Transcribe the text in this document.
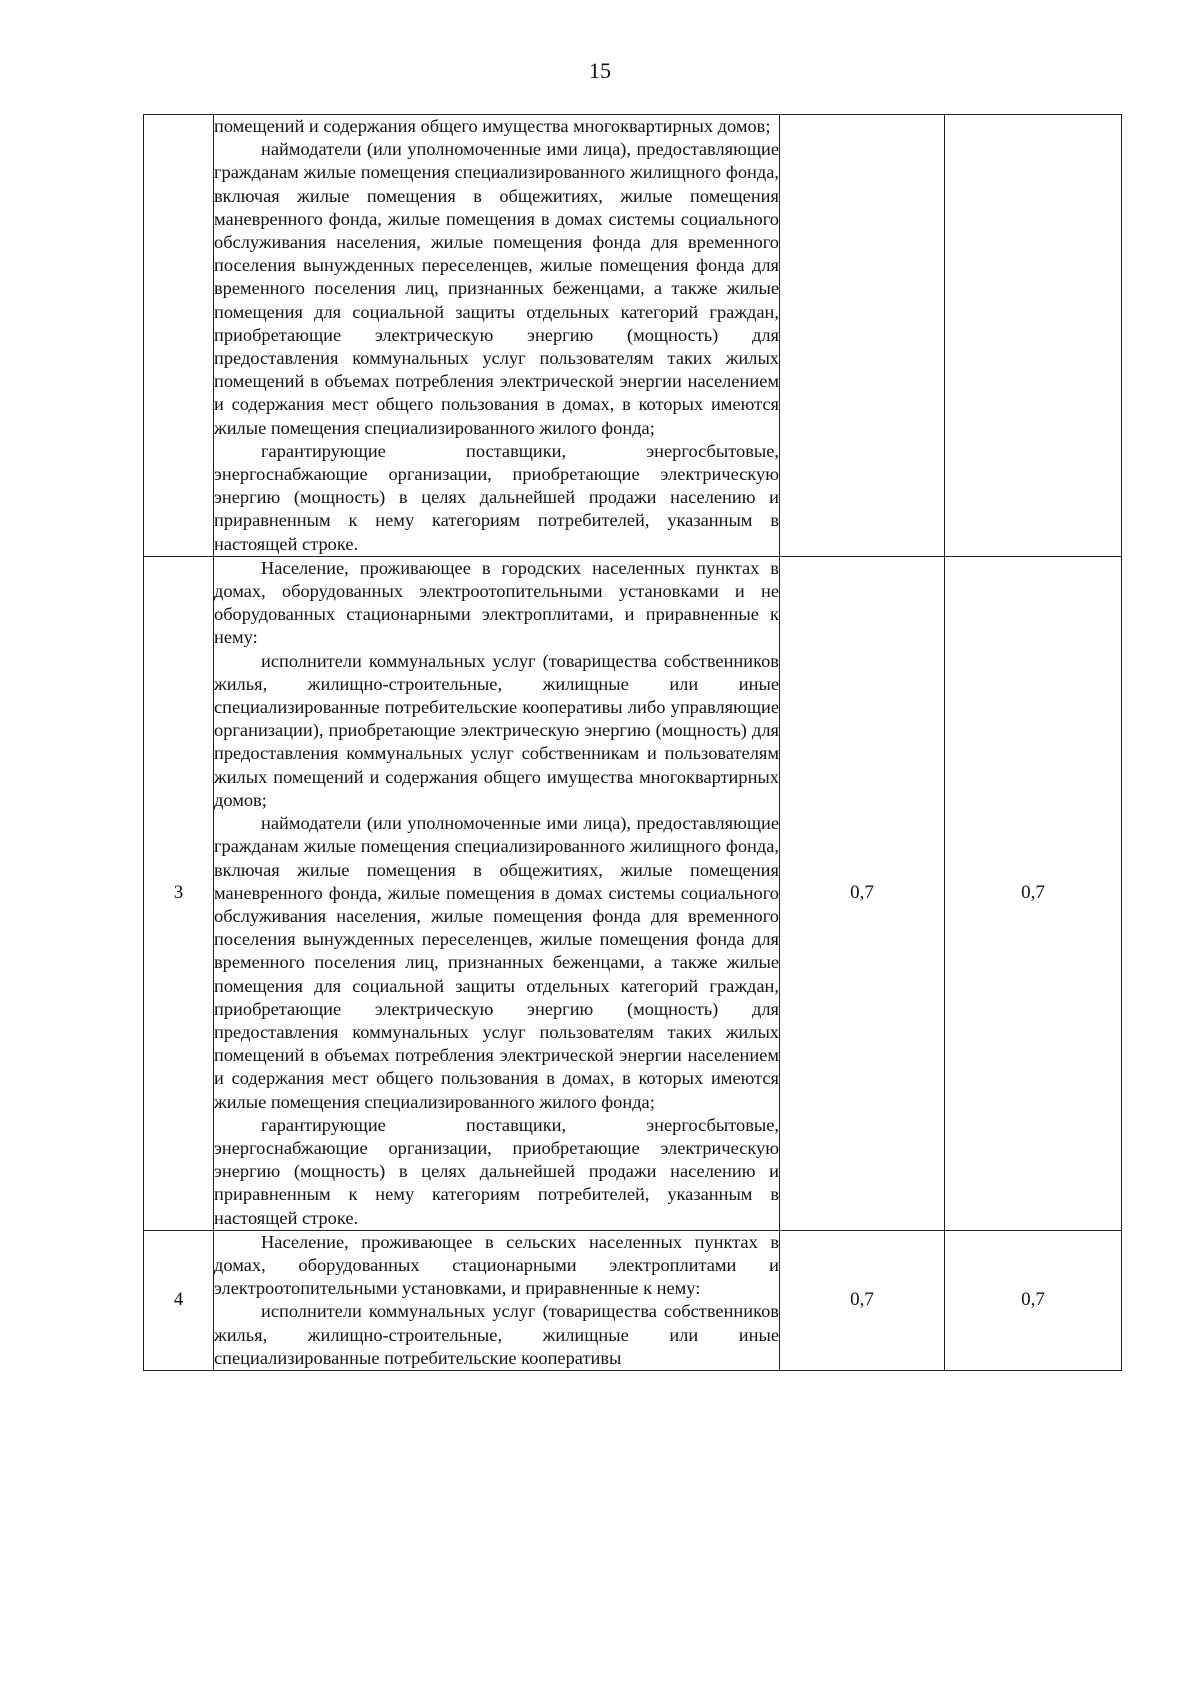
15

	помещений и содержания общего имущества многоквартирных домов;

наймодатели (или уполномоченные ими лица), предоставляющие гражданам жилые помещения специализированного жилищного фонда, включая жилые помещения в общежитиях, жилые помещения маневренного фонда, жилые помещения в домах системы социального обслуживания населения, жилые помещения фонда для временного поселения вынужденных переселенцев, жилые помещения фонда для временного поселения лиц, признанных беженцами, а также жилые помещения для социальной защиты отдельных категорий граждан, приобретающие электрическую энергию (мощность) для предоставления коммунальных услуг пользователям таких жилых помещений в объемах потребления электрической энергии населением и содержания мест общего пользования в домах, в которых имеются жилые помещения специализированного жилого фонда;

гарантирующие поставщики, энергосбытовые, энергоснабжающие организации, приобретающие электрическую энергию (мощность) в целях дальнейшей продажи населению и приравненным к нему категориям потребителей, указанным в настоящей строке.		

3	Население, проживающее в городских населенных пунктах в домах, оборудованных электроотопительными установками и не оборудованных стационарными электроплитами, и приравненные к нему:

исполнители коммунальных услуг (товарищества собственников жилья, жилищно-строительные, жилищные или иные специализированные потребительские кооперативы либо управляющие организации), приобретающие электрическую энергию (мощность) для предоставления коммунальных услуг собственникам и пользователям жилых помещений и содержания общего имущества многоквартирных домов;

наймодатели (или уполномоченные ими лица), предоставляющие гражданам жилые помещения специализированного жилищного фонда, включая жилые помещения в общежитиях, жилые помещения маневренного фонда, жилые помещения в домах системы социального обслуживания населения, жилые помещения фонда для временного поселения вынужденных переселенцев, жилые помещения фонда для временного поселения лиц, признанных беженцами, а также жилые помещения для социальной защиты отдельных категорий граждан, приобретающие электрическую энергию (мощность) для предоставления коммунальных услуг пользователям таких жилых помещений в объемах потребления электрической энергии населением и содержания мест общего пользования в домах, в которых имеются жилые помещения специализированного жилого фонда;

гарантирующие поставщики, энергосбытовые, энергоснабжающие организации, приобретающие электрическую энергию (мощность) в целях дальнейшей продажи населению и приравненным к нему категориям потребителей, указанным в настоящей строке.	0,7	0,7
4	Население, проживающее в сельских населенных пунктах в домах, оборудованных стационарными электроплитами и электроотопительными установками, и приравненные к нему:

исполнители коммунальных услуг (товарищества собственников жилья, жилищно-строительные, жилищные или иные специализированные потребительские кооперативы	0,7	0,7
